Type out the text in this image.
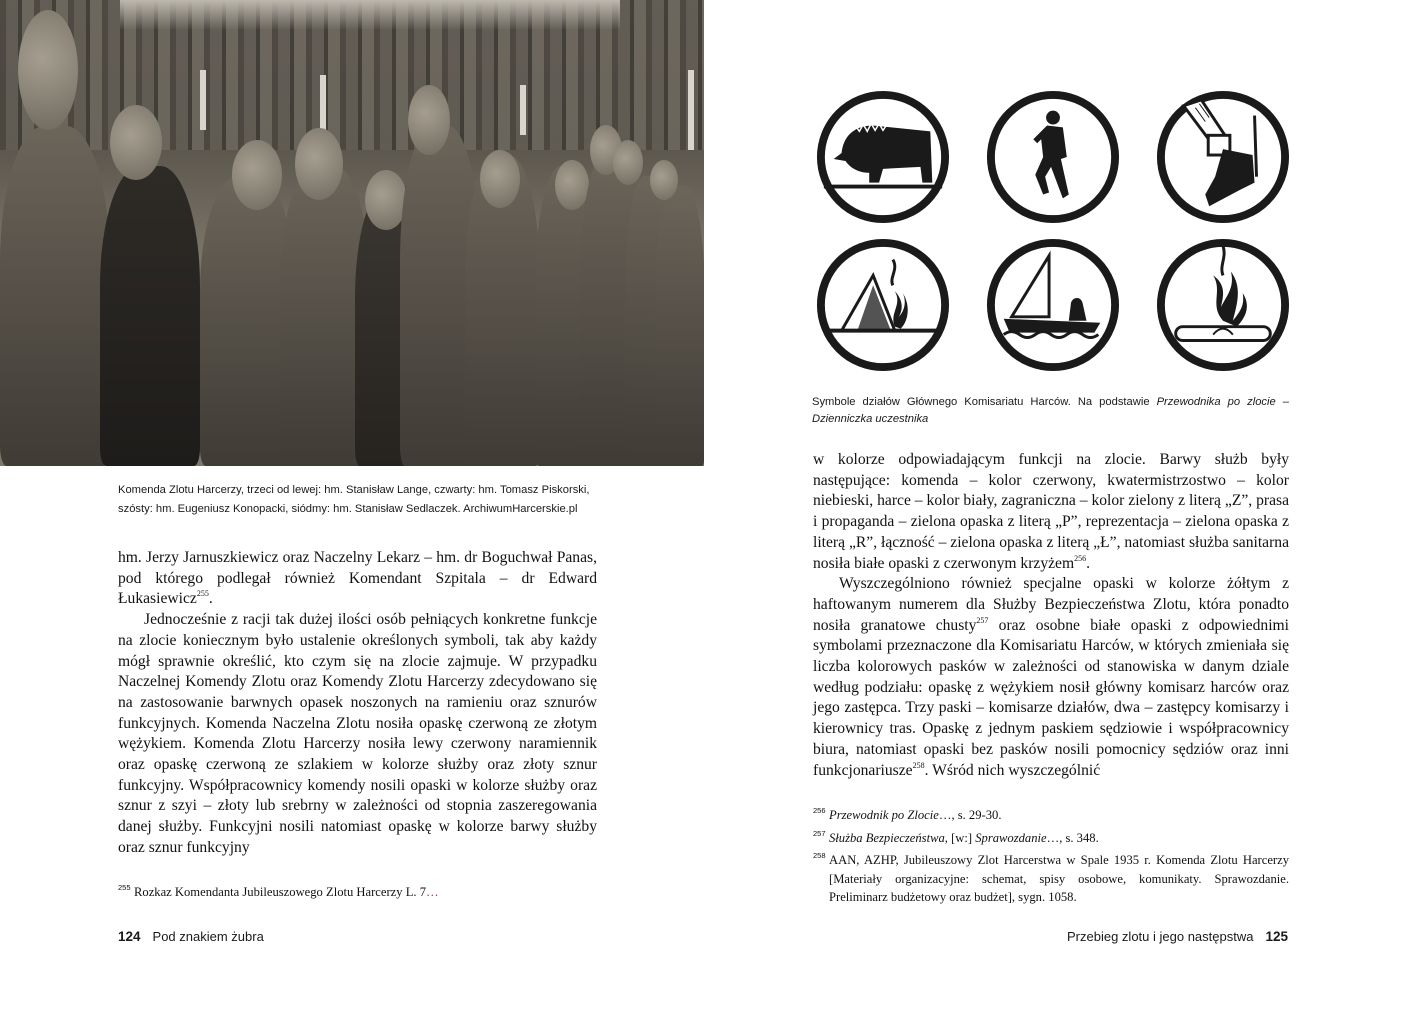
Komenda Zlotu Harcerzy, trzeci od lewej: hm. Stanisław Lange, czwarty: hm. Tomasz Piskorski, szósty: hm. Eugeniusz Konopacki, siódmy: hm. Stanisław Sedlaczek. ArchiwumHarcerskie.pl

hm. Jerzy Jarnuszkiewicz oraz Naczelny Lekarz – hm. dr Boguchwał Panas, pod którego podlegał również Komendant Szpitala – dr Edward Łukasiewicz$^{255}$.

Jednocześnie z racji tak dużej ilości osób pełniących konkretne funkcje na zlocie koniecznym było ustalenie określonych symboli, tak aby każdy mógł sprawnie określić, kto czym się na zlocie zajmuje. W przypadku Naczelnej Komendy Zlotu oraz Komendy Zlotu Harcerzy zdecydowano się na zastosowanie barwnych opasek noszonych na ramieniu oraz sznurów funkcyjnych. Komenda Naczelna Zlotu nosiła opaskę czerwoną ze złotym wężykiem. Komenda Zlotu Harcerzy nosiła lewy czerwony naramiennik oraz opaskę czerwoną ze szlakiem w kolorze służby oraz złoty sznur funkcyjny. Współpracownicy komendy nosili opaski w kolorze służby oraz sznur z szyi – złoty lub srebrny w zależności od stopnia zaszeregowania danej służby. Funkcyjni nosili natomiast opaskę w kolorze barwy służby oraz sznur funkcyjny

255 Rozkaz Komendanta Jubileuszowego Zlotu Harcerzy L. 7…
124 Pod znakiem żubra
Symbole działów Głównego Komisariatu Harców. Na podstawie Przewodnika po zlocie – Dzienniczka uczestnika

w kolorze odpowiadającym funkcji na zlocie. Barwy służb były następujące: komenda – kolor czerwony, kwatermistrzostwo – kolor niebieski, harce – kolor biały, zagraniczna – kolor zielony z literą „Z”, prasa i propaganda – zielona opaska z literą „P”, reprezentacja – zielona opaska z literą „R”, łączność – zielona opaska z literą „Ł”, natomiast służba sanitarna nosiła białe opaski z czerwonym krzyżem$^{256}$.

Wyszczególniono również specjalne opaski w kolorze żółtym z haftowanym numerem dla Służby Bezpieczeństwa Zlotu, która ponadto nosiła granatowe chusty$^{257}$ oraz osobne białe opaski z odpowiednimi symbolami przeznaczone dla Komisariatu Harców, w których zmieniała się liczba kolorowych pasków w zależności od stanowiska w danym dziale według podziału: opaskę z wężykiem nosił główny komisarz harców oraz jego zastępca. Trzy paski – komisarze działów, dwa – zastępcy komisarzy i kierownicy tras. Opaskę z jednym paskiem sędziowie i współpracownicy biura, natomiast opaski bez pasków nosili pomocnicy sędziów oraz inni funkcjonariusze$^{258}$. Wśród nich wyszczególnić

256 Przewodnik po Zlocie…, s. 29-30.
257 Służba Bezpieczeństwa, [w:] Sprawozdanie…, s. 348.
258 AAN, AZHP, Jubileuszowy Zlot Harcerstwa w Spale 1935 r. Komenda Zlotu Harcerzy [Materiały organizacyjne: schemat, spisy osobowe, komunikaty. Sprawozdanie. Preliminarz budżetowy oraz budżet], sygn. 1058.
Przebieg zlotu i jego następstwa 125
